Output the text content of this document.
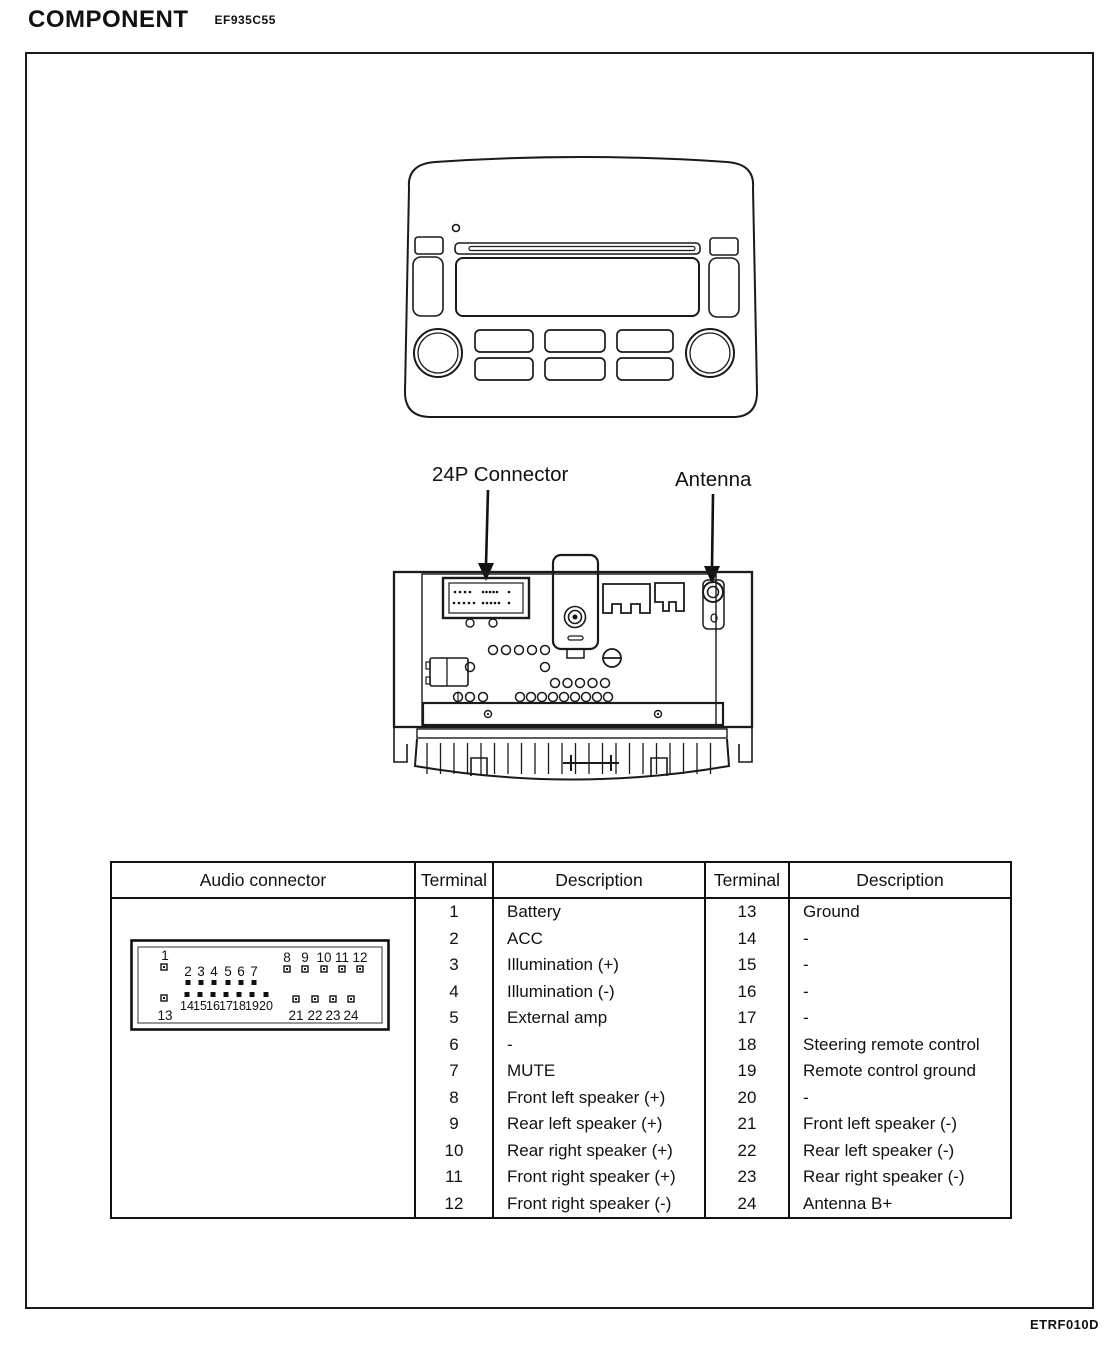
COMPONENT EF935C55
24P Connector	Antenna
Audio connector	Terminal	Description	Terminal	Description
1
2 3 4 5 6 7
8 9 10 11 12
13
14 15 16 17 18 19 20
21 22 23 24
1	Battery	13	Ground
2	ACC	14	-
3	Illumination (+)	15	-
4	Illumination (-)	16	-
5	External amp	17	-
6	-	18	Steering remote control
7	MUTE	19	Remote control ground
8	Front left speaker (+)	20	-
9	Rear left speaker (+)	21	Front left speaker (-)
10	Rear right speaker (+)	22	Rear left speaker (-)
11	Front right speaker (+)	23	Rear right speaker (-)
12	Front right speaker (-)	24	Antenna B+
ETRF010D
